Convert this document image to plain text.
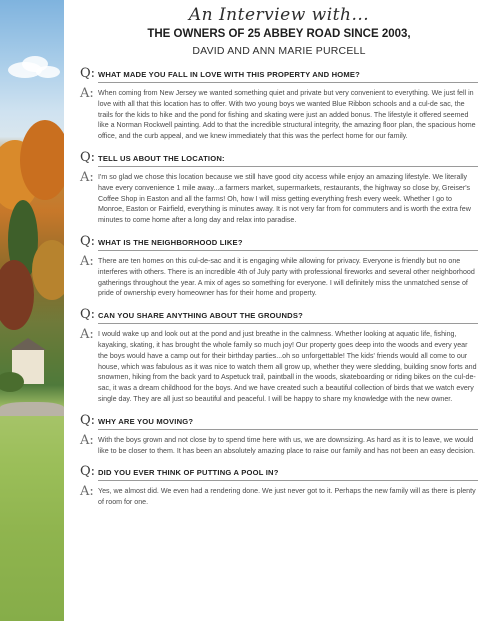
An Interview with...
THE OWNERS OF 25 ABBEY ROAD SINCE 2003,
DAVID AND ANN MARIE PURCELL
Q: WHAT MADE YOU FALL IN LOVE WITH THIS PROPERTY AND HOME?
A: When coming from New Jersey we wanted something quiet and private but very convenient to everything. We just fell in love with all that this location has to offer. With two young boys we wanted Blue Ribbon schools and a cul-de sac, the trails for the kids to hike and the pond for fishing and skating were just an added bonus. The lifestyle it offered seemed like a Norman Rockwell painting. Add to that the incredible structural integrity, the amazing floor plan, the spacious home office, and the curb appeal, and we knew immediately that this was the perfect home for our family.

Q: TELL US ABOUT THE LOCATION:
A: I'm so glad we chose this location because we still have good city access while enjoy an amazing lifestyle. We literally have every convenience 1 mile away...a farmers market, supermarkets, restaurants, the highway so close by, Greiser's Coffee Shop in Easton and all the farms! Oh, how I will miss getting everything fresh every week. Whether I go to Monroe, Easton or Fairfield, everything is minutes away. It is not very far from for commuters and is worth the extra few minutes to come home after a long day and relax into paradise.

Q: WHAT IS THE NEIGHBORHOOD LIKE?
A: There are ten homes on this cul-de-sac and it is engaging while allowing for privacy. Everyone is friendly but no one interferes with others. There is an incredible 4th of July party with professional fireworks and several other neighborhood gatherings throughout the year. A mix of ages so something for everyone. I will definitely miss the unmatched sense of pride of ownership every homeowner has for their home and property.

Q: CAN YOU SHARE ANYTHING ABOUT THE GROUNDS?
A: I would wake up and look out at the pond and just breathe in the calmness. Whether looking at aquatic life, fishing, kayaking, skating, it has brought the whole family so much joy! Our property goes deep into the woods and every year the boys would have a camp out for their birthday parties...oh so unforgettable! The kids' friends would all come to our house, which was fabulous as it was nice to watch them all grow up, whether they were sledding, building snow forts and snowmen, hiking from the back yard to Aspetuck trail, paintball in the woods, skateboarding or riding bikes on the cul-de-sac, it was a dream childhood for the boys. And we have created such a beautiful collection of birds that we watch every single day. They are all just so beautiful and peaceful. I will be happy to share my knowledge with the new owner.

Q: WHY ARE YOU MOVING?
A: With the boys grown and not close by to spend time here with us, we are downsizing. As hard as it is to leave, we would like to be closer to them. It has been an absolutely amazing place to raise our family and has not been an easy decision.

Q: DID YOU EVER THINK OF PUTTING A POOL IN?
A: Yes, we almost did. We even had a rendering done. We just never got to it. Perhaps the new family will as there is plenty of room for one.
